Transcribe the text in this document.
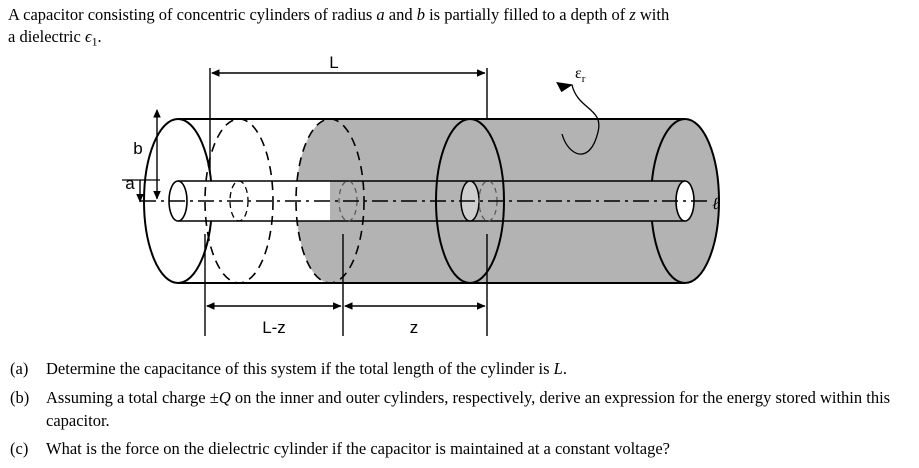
A capacitor consisting of concentric cylinders of radius a and b is partially filled to a depth of z with
a dielectric $\epsilon_1$.
L
ℓ
b
a
$\varepsilon_r$
L-z	z
(a)	Determine the capacitance of this system if the total length of the cylinder is L.
(b)	Assuming a total charge ±Q on the inner and outer cylinders, respectively, derive an expression for the energy stored within this capacitor.
(c)	What is the force on the dielectric cylinder if the capacitor is maintained at a constant voltage?
